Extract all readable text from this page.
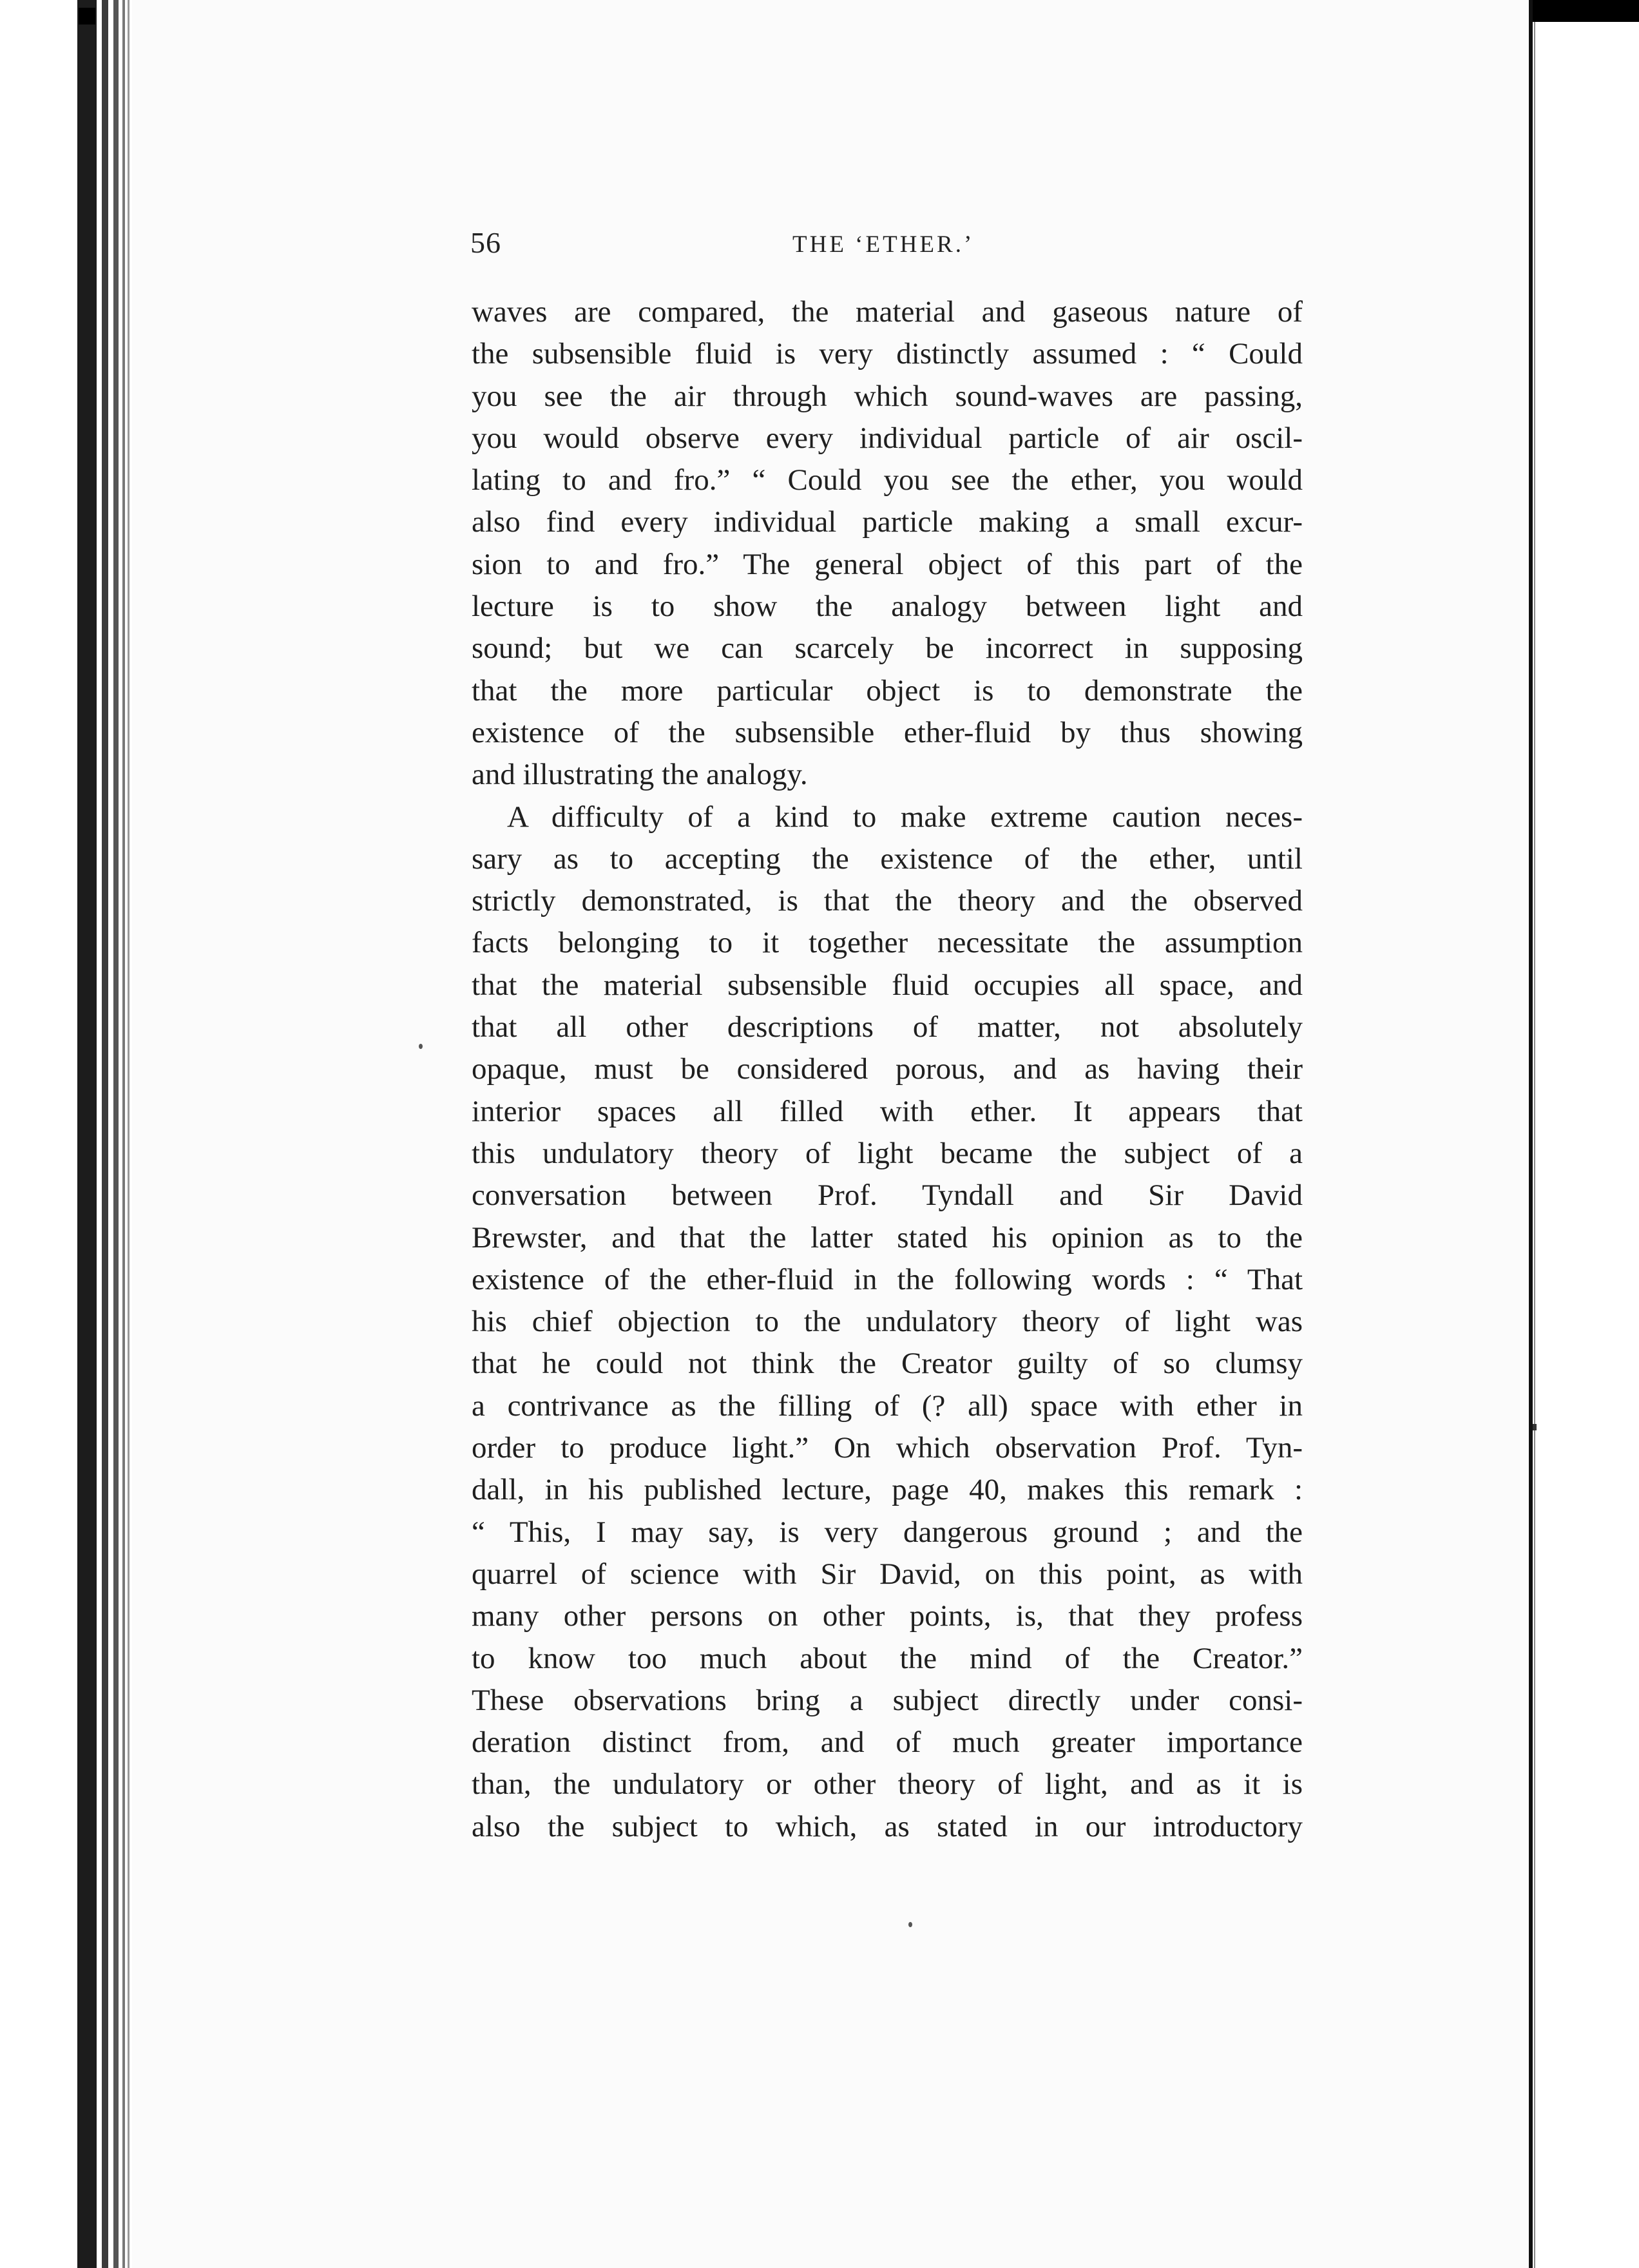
56	THE ‘ETHER.’
waves are compared, the material and gaseous nature of
the subsensible fluid is very distinctly assumed : “ Could
you see the air through which sound-waves are passing,
you would observe every individual particle of air oscil-
lating to and fro.” “ Could you see the ether, you would
also find every individual particle making a small excur-
sion to and fro.” The general object of this part of the
lecture is to show the analogy between light and
sound; but we can scarcely be incorrect in supposing
that the more particular object is to demonstrate the
existence of the subsensible ether-fluid by thus showing
and illustrating the analogy.
A difficulty of a kind to make extreme caution neces-
sary as to accepting the existence of the ether, until
strictly demonstrated, is that the theory and the observed
facts belonging to it together necessitate the assumption
that the material subsensible fluid occupies all space, and
that all other descriptions of matter, not absolutely
opaque, must be considered porous, and as having their
interior spaces all filled with ether. It appears that
this undulatory theory of light became the subject of a
conversation between Prof. Tyndall and Sir David
Brewster, and that the latter stated his opinion as to the
existence of the ether-fluid in the following words : “ That
his chief objection to the undulatory theory of light was
that he could not think the Creator guilty of so clumsy
a contrivance as the filling of (? all) space with ether in
order to produce light.” On which observation Prof. Tyn-
dall, in his published lecture, page 40, makes this remark :
“ This, I may say, is very dangerous ground ; and the
quarrel of science with Sir David, on this point, as with
many other persons on other points, is, that they profess
to know too much about the mind of the Creator.”
These observations bring a subject directly under consi-
deration distinct from, and of much greater importance
than, the undulatory or other theory of light, and as it is
also the subject to which, as stated in our introductory
